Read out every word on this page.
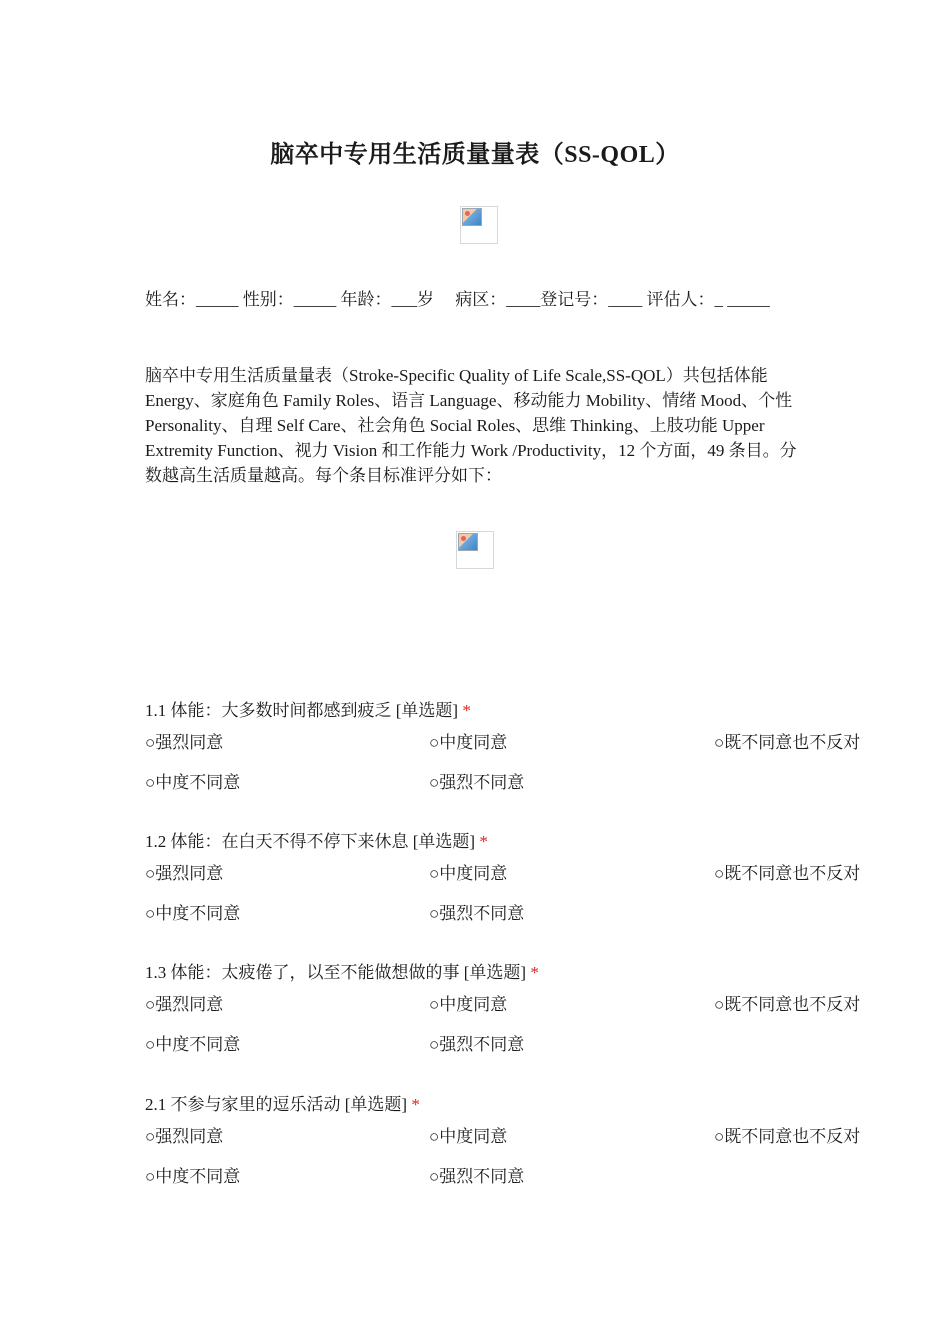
脑卒中专用生活质量量表（SS-QOL）
姓名：_____ 性别：_____ 年龄：___岁　 病区：____登记号：____ 评估人：_ _____
脑卒中专用生活质量量表（Stroke-Specific Quality of Life Scale,SS-QOL）共包括体能 Energy、家庭角色 Family Roles、语言 Language、移动能力 Mobility、情绪 Mood、个性 Personality、自理 Self Care、社会角色 Social Roles、思维 Thinking、上肢功能 Upper Extremity Function、视力 Vision 和工作能力 Work /Productivity，12 个方面，49 条目。分数越高生活质量越高。每个条目标准评分如下：
1.1 体能：大多数时间都感到疲乏 [单选题] *
○强烈同意	○中度同意	○既不同意也不反对
○中度不同意	○强烈不同意
1.2 体能：在白天不得不停下来休息 [单选题] *
○强烈同意	○中度同意	○既不同意也不反对
○中度不同意	○强烈不同意
1.3 体能：太疲倦了，以至不能做想做的事 [单选题] *
○强烈同意	○中度同意	○既不同意也不反对
○中度不同意	○强烈不同意
2.1 不参与家里的逗乐活动 [单选题] *
○强烈同意	○中度同意	○既不同意也不反对
○中度不同意	○强烈不同意
